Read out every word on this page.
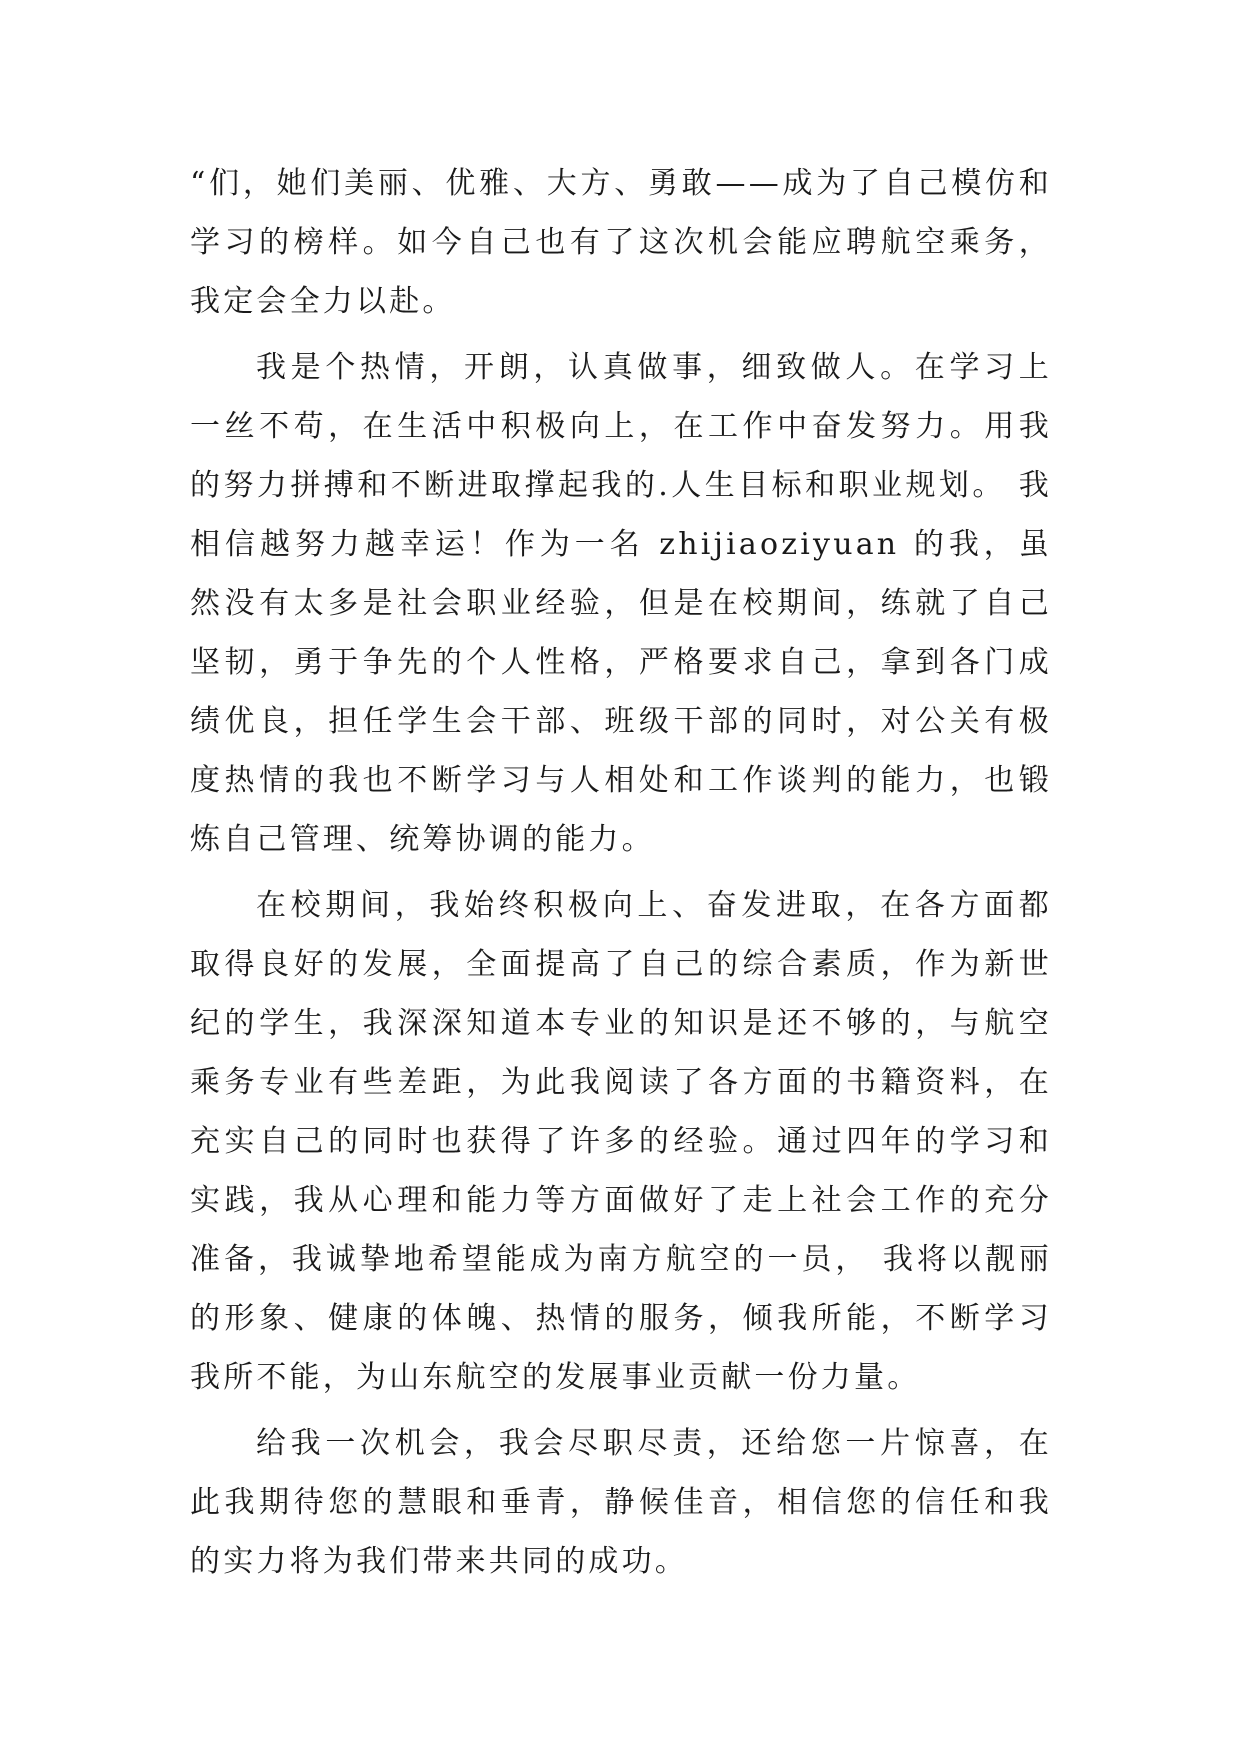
“们，她们美丽、优雅、大方、勇敢——成为了自己模仿和学习的榜样。如今自己也有了这次机会能应聘航空乘务，我定会全力以赴。

我是个热情，开朗，认真做事，细致做人。在学习上一丝不苟，在生活中积极向上，在工作中奋发努力。用我的努力拼搏和不断进取撑起我的.人生目标和职业规划。 我相信越努力越幸运！作为一名 zhijiaoziyuan 的我，虽然没有太多是社会职业经验，但是在校期间，练就了自己坚韧，勇于争先的个人性格，严格要求自己，拿到各门成绩优良，担任学生会干部、班级干部的同时，对公关有极度热情的我也不断学习与人相处和工作谈判的能力，也锻炼自己管理、统筹协调的能力。

在校期间，我始终积极向上、奋发进取，在各方面都取得良好的发展，全面提高了自己的综合素质，作为新世纪的学生，我深深知道本专业的知识是还不够的，与航空乘务专业有些差距，为此我阅读了各方面的书籍资料，在充实自己的同时也获得了许多的经验。通过四年的学习和实践，我从心理和能力等方面做好了走上社会工作的充分准备，我诚挚地希望能成为南方航空的一员， 我将以靓丽的形象、健康的体魄、热情的服务，倾我所能，不断学习我所不能，为山东航空的发展事业贡献一份力量。

给我一次机会，我会尽职尽责，还给您一片惊喜，在此我期待您的慧眼和垂青，静候佳音，相信您的信任和我的实力将为我们带来共同的成功。
